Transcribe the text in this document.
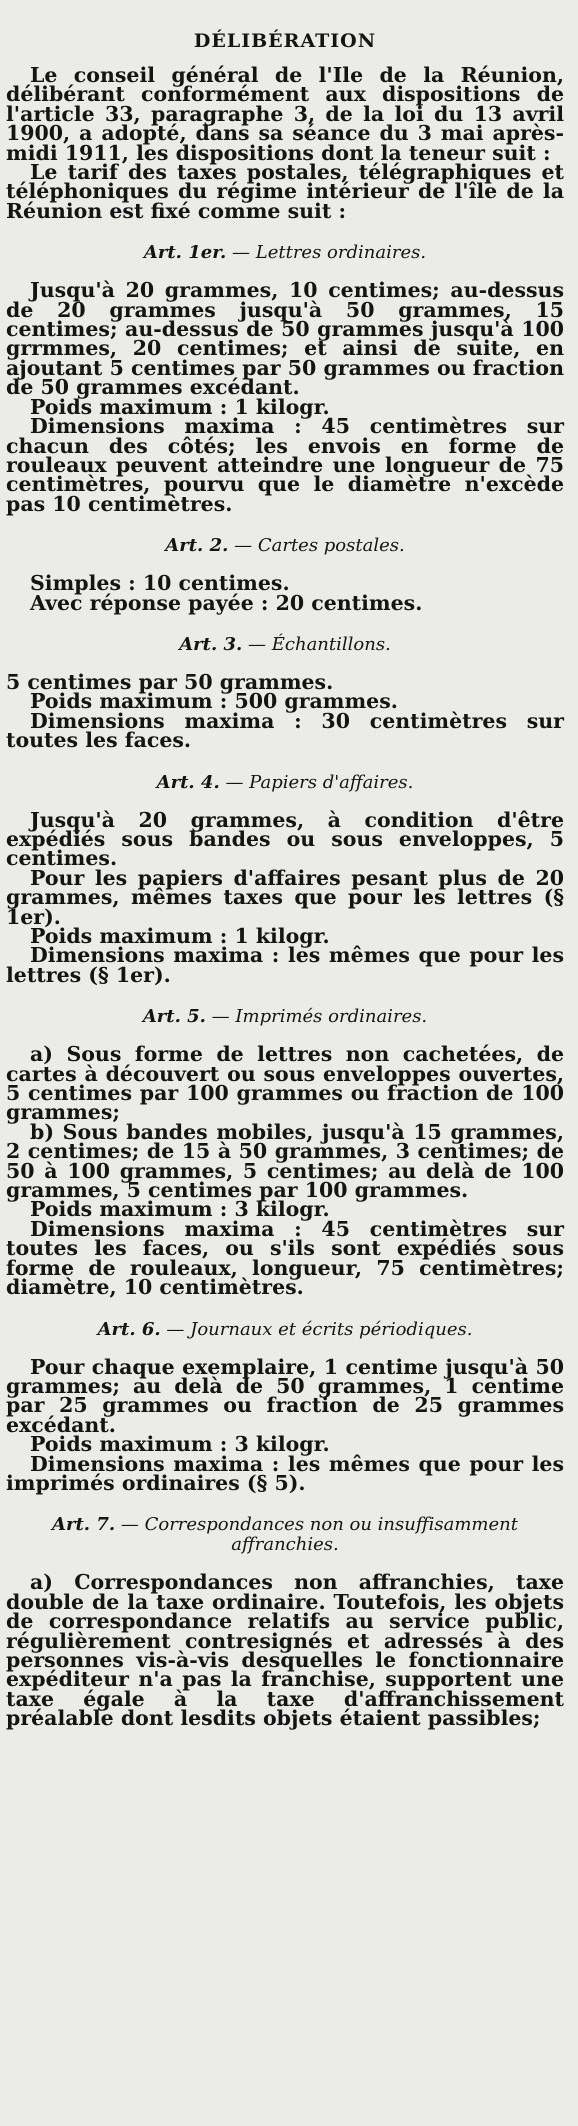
DÉLIBÉRATION

Le conseil général de l'Ile de la Réunion, délibérant conformément aux dispositions de l'article 33, paragraphe 3, de la loi du 13 avril 1900, a adopté, dans sa séance du 3 mai après-midi 1911, les dispositions dont la teneur suit :

Le tarif des taxes postales, télégraphiques et téléphoniques du régime intérieur de l'île de la Réunion est fixé comme suit :

Art. 1er. — Lettres ordinaires.

Jusqu'à 20 grammes, 10 centimes; au-dessus de 20 grammes jusqu'à 50 grammes, 15 centimes; au-dessus de 50 grammes jusqu'à 100 grrmmes, 20 centimes; et ainsi de suite, en ajoutant 5 centimes par 50 grammes ou fraction de 50 grammes excédant.

Poids maximum : 1 kilogr.

Dimensions maxima : 45 centimètres sur chacun des côtés; les envois en forme de rouleaux peuvent atteindre une longueur de 75 centimètres, pourvu que le diamètre n'excède pas 10 centimètres.

Art. 2. — Cartes postales.

Simples : 10 centimes.

Avec réponse payée : 20 centimes.

Art. 3. — Échantillons.

5 centimes par 50 grammes.

Poids maximum : 500 grammes.

Dimensions maxima : 30 centimètres sur toutes les faces.

Art. 4. — Papiers d'affaires.

Jusqu'à 20 grammes, à condition d'être expédiés sous bandes ou sous enveloppes, 5 centimes.

Pour les papiers d'affaires pesant plus de 20 grammes, mêmes taxes que pour les lettres (§ 1er).

Poids maximum : 1 kilogr.

Dimensions maxima : les mêmes que pour les lettres (§ 1er).

Art. 5. — Imprimés ordinaires.

a) Sous forme de lettres non cachetées, de cartes à découvert ou sous enveloppes ouvertes, 5 centimes par 100 grammes ou fraction de 100 grammes;

b) Sous bandes mobiles, jusqu'à 15 grammes, 2 centimes; de 15 à 50 grammes, 3 centimes; de 50 à 100 grammes, 5 centimes; au delà de 100 grammes, 5 centimes par 100 grammes.

Poids maximum : 3 kilogr.

Dimensions maxima : 45 centimètres sur toutes les faces, ou s'ils sont expédiés sous forme de rouleaux, longueur, 75 centimètres; diamètre, 10 centimètres.

Art. 6. — Journaux et écrits périodiques.

Pour chaque exemplaire, 1 centime jusqu'à 50 grammes; au delà de 50 grammes, 1 centime par 25 grammes ou fraction de 25 grammes excédant.

Poids maximum : 3 kilogr.

Dimensions maxima : les mêmes que pour les imprimés ordinaires (§ 5).

Art. 7. — Correspondances non ou insuffisamment affranchies.

a) Correspondances non affranchies, taxe double de la taxe ordinaire. Toutefois, les objets de correspondance relatifs au service public, régulièrement contresignés et adressés à des personnes vis-à-vis desquelles le fonctionnaire expéditeur n'a pas la franchise, supportent une taxe égale à la taxe d'affranchissement préalable dont lesdits objets étaient passibles;
